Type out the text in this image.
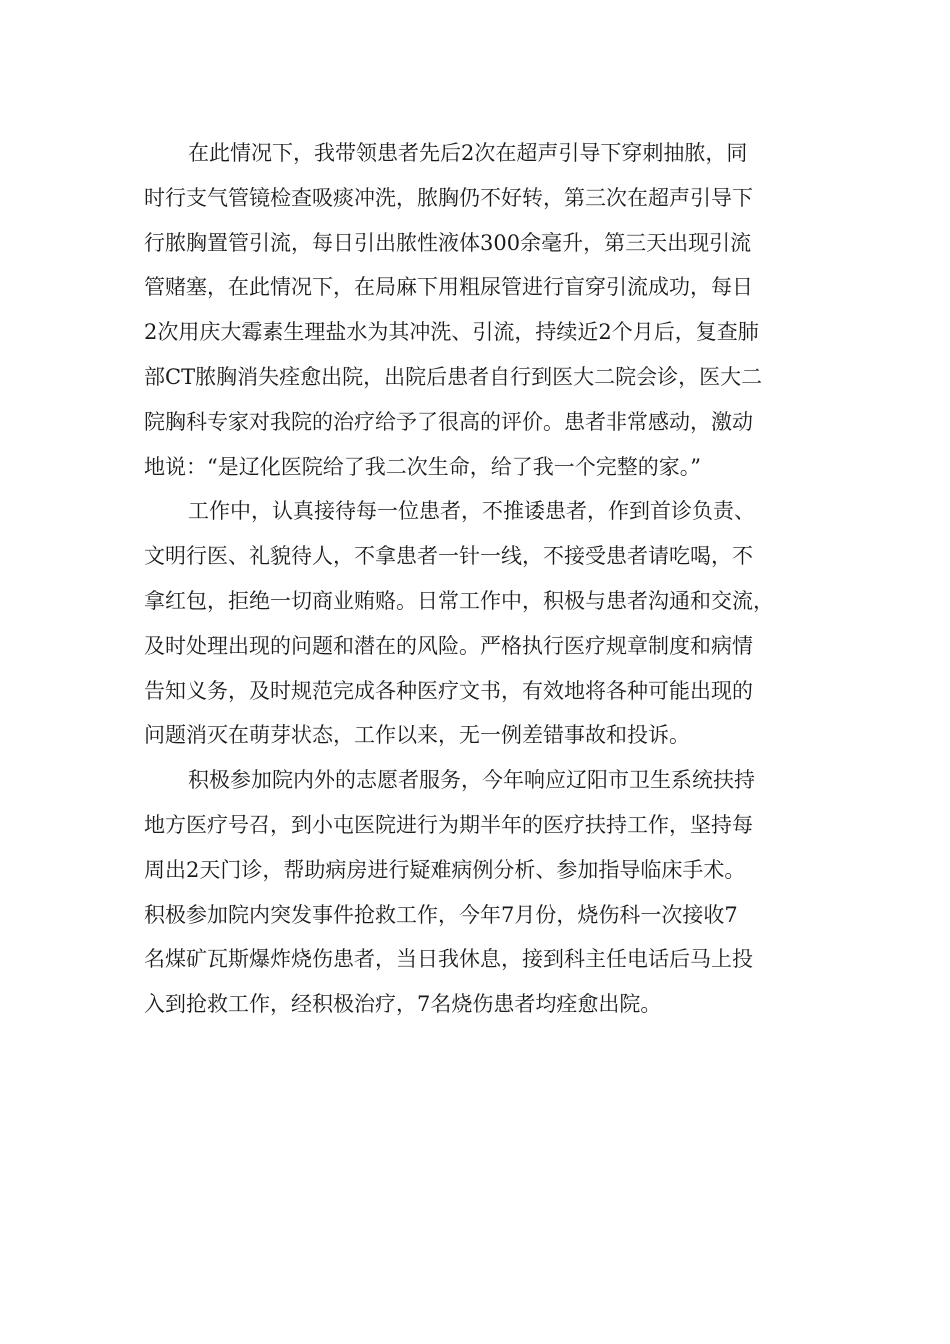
在此情况下，我带领患者先后2次在超声引导下穿刺抽脓，同
时行支气管镜检查吸痰冲洗，脓胸仍不好转，第三次在超声引导下
行脓胸置管引流，每日引出脓性液体300余毫升，第三天出现引流
管赌塞，在此情况下，在局麻下用粗尿管进行盲穿引流成功，每日
2次用庆大霉素生理盐水为其冲洗、引流，持续近2个月后，复查肺
部CT脓胸消失痊愈出院，出院后患者自行到医大二院会诊，医大二
院胸科专家对我院的治疗给予了很高的评价。患者非常感动，激动
地说：“是辽化医院给了我二次生命，给了我一个完整的家。”
工作中，认真接待每一位患者，不推诿患者，作到首诊负责、
文明行医、礼貌待人，不拿患者一针一线，不接受患者请吃喝，不
拿红包，拒绝一切商业贿赂。日常工作中，积极与患者沟通和交流，
及时处理出现的问题和潜在的风险。严格执行医疗规章制度和病情
告知义务，及时规范完成各种医疗文书，有效地将各种可能出现的
问题消灭在萌芽状态，工作以来，无一例差错事故和投诉。
积极参加院内外的志愿者服务，今年响应辽阳市卫生系统扶持
地方医疗号召，到小屯医院进行为期半年的医疗扶持工作，坚持每
周出2天门诊，帮助病房进行疑难病例分析、参加指导临床手术。
积极参加院内突发事件抢救工作，今年7月份，烧伤科一次接收7
名煤矿瓦斯爆炸烧伤患者，当日我休息，接到科主任电话后马上投
入到抢救工作，经积极治疗，7名烧伤患者均痊愈出院。
